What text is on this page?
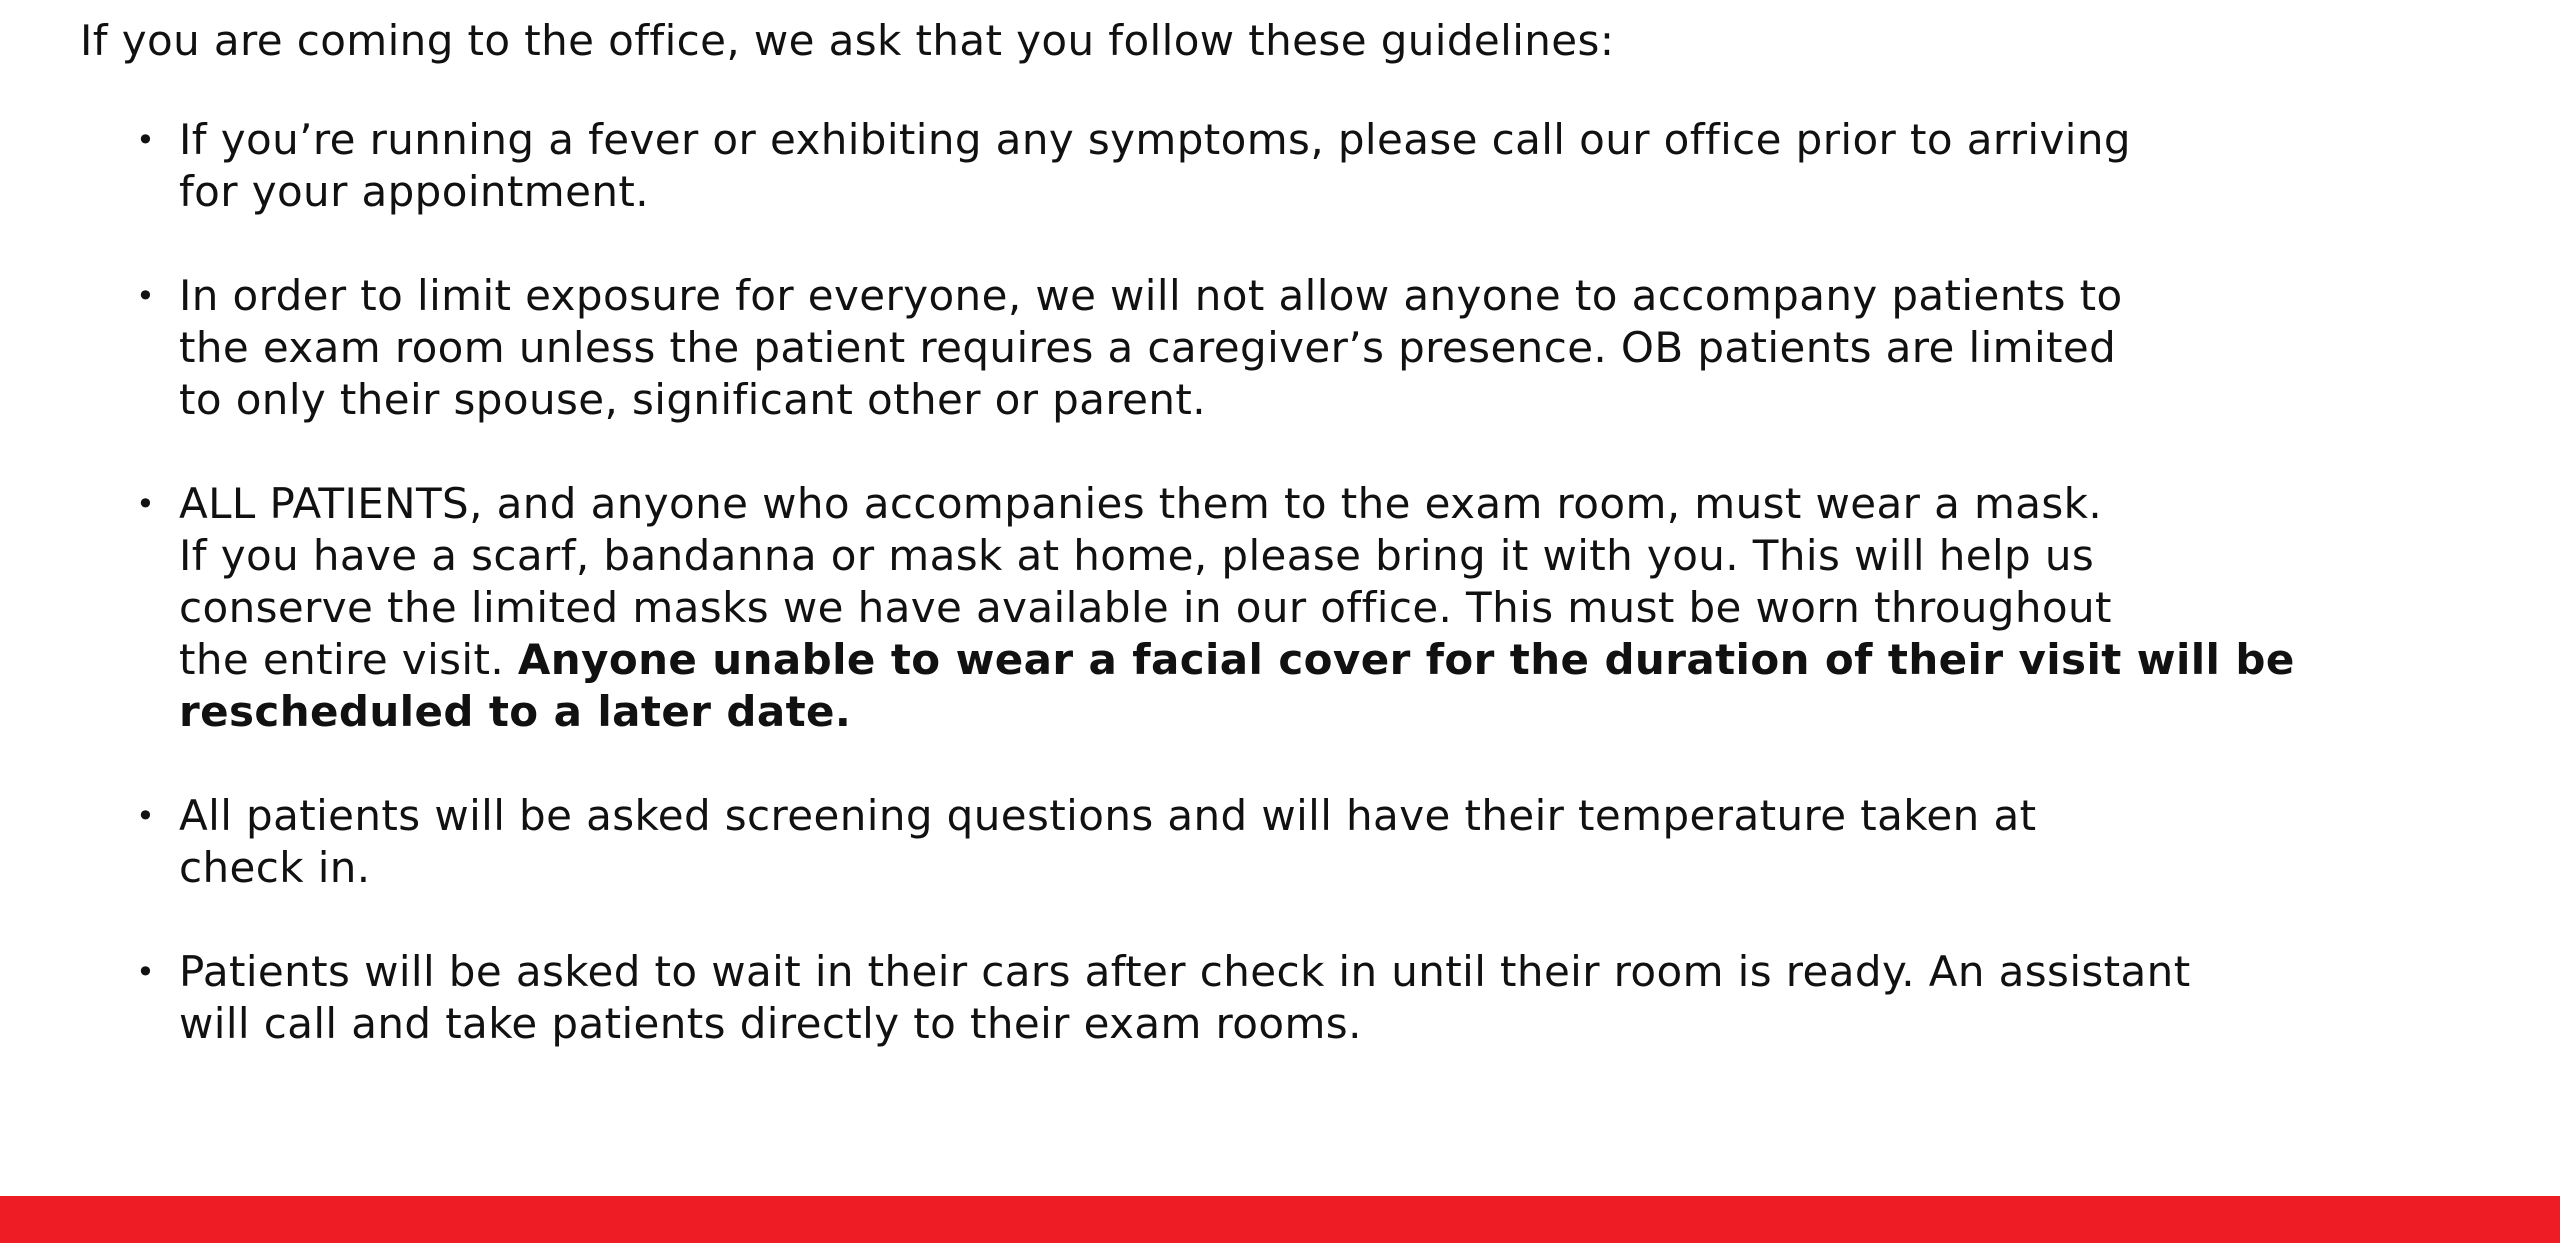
If you are coming to the office, we ask that you follow these guidelines:

• If you’re running a fever or exhibiting any symptoms, please call our office prior to arriving
for your appointment.
• In order to limit exposure for everyone, we will not allow anyone to accompany patients to
the exam room unless the patient requires a caregiver’s presence. OB patients are limited
to only their spouse, significant other or parent.
• ALL PATIENTS, and anyone who accompanies them to the exam room, must wear a mask.
If you have a scarf, bandanna or mask at home, please bring it with you. This will help us
conserve the limited masks we have available in our office. This must be worn throughout
the entire visit. Anyone unable to wear a facial cover for the duration of their visit will be
rescheduled to a later date.
• All patients will be asked screening questions and will have their temperature taken at
check in.
• Patients will be asked to wait in their cars after check in until their room is ready. An assistant
will call and take patients directly to their exam rooms.
